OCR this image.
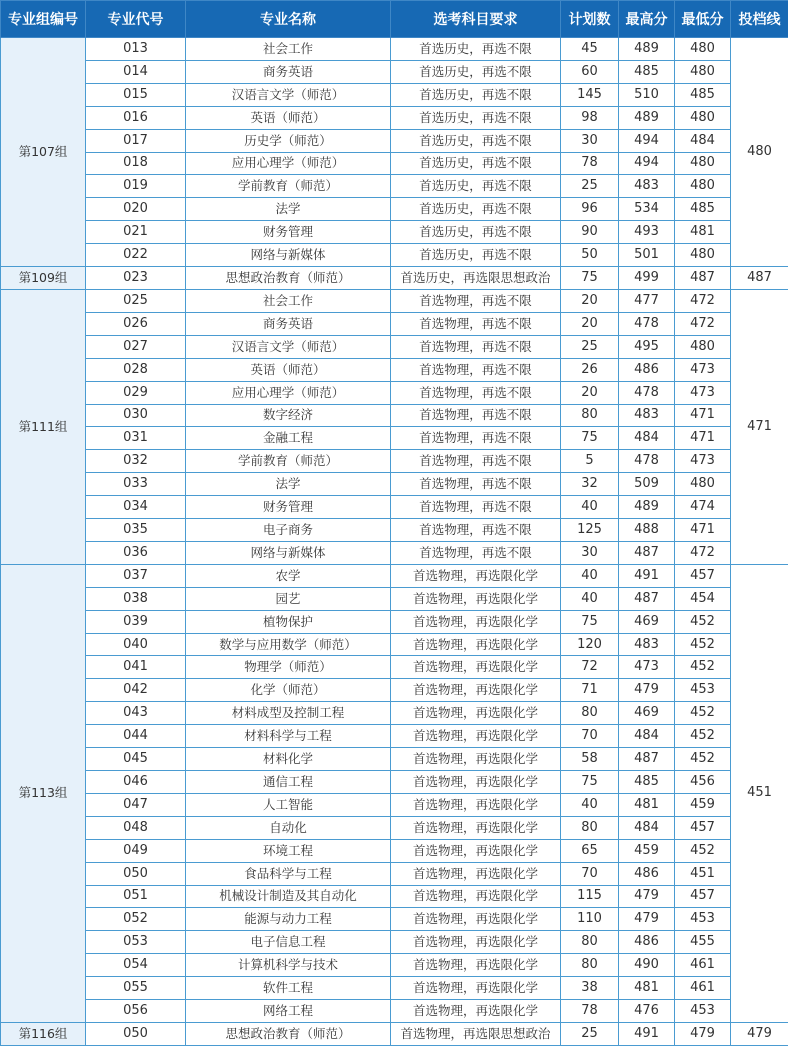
专业组编号	专业代号	专业名称	选考科目要求	计划数	最高分	最低分	投档线
第107组	013	社会工作	首选历史，再选不限	45	489	480	480
	014	商务英语	首选历史，再选不限	60	485	480	
	015	汉语言文学（师范）	首选历史，再选不限	145	510	485	
	016	英语（师范）	首选历史，再选不限	98	489	480	
	017	历史学（师范）	首选历史，再选不限	30	494	484	
	018	应用心理学（师范）	首选历史，再选不限	78	494	480	
	019	学前教育（师范）	首选历史，再选不限	25	483	480	
	020	法学	首选历史，再选不限	96	534	485	
	021	财务管理	首选历史，再选不限	90	493	481	
	022	网络与新媒体	首选历史，再选不限	50	501	480	
第109组	023	思想政治教育（师范）	首选历史，再选限思想政治	75	499	487	487
第111组	025	社会工作	首选物理，再选不限	20	477	472	471
	026	商务英语	首选物理，再选不限	20	478	472	
	027	汉语言文学（师范）	首选物理，再选不限	25	495	480	
	028	英语（师范）	首选物理，再选不限	26	486	473	
	029	应用心理学（师范）	首选物理，再选不限	20	478	473	
	030	数字经济	首选物理，再选不限	80	483	471	
	031	金融工程	首选物理，再选不限	75	484	471	
	032	学前教育（师范）	首选物理，再选不限	5	478	473	
	033	法学	首选物理，再选不限	32	509	480	
	034	财务管理	首选物理，再选不限	40	489	474	
	035	电子商务	首选物理，再选不限	125	488	471	
	036	网络与新媒体	首选物理，再选不限	30	487	472	
第113组	037	农学	首选物理，再选限化学	40	491	457	451
	038	园艺	首选物理，再选限化学	40	487	454	
	039	植物保护	首选物理，再选限化学	75	469	452	
	040	数学与应用数学（师范）	首选物理，再选限化学	120	483	452	
	041	物理学（师范）	首选物理，再选限化学	72	473	452	
	042	化学（师范）	首选物理，再选限化学	71	479	453	
	043	材料成型及控制工程	首选物理，再选限化学	80	469	452	
	044	材料科学与工程	首选物理，再选限化学	70	484	452	
	045	材料化学	首选物理，再选限化学	58	487	452	
	046	通信工程	首选物理，再选限化学	75	485	456	
	047	人工智能	首选物理，再选限化学	40	481	459	
	048	自动化	首选物理，再选限化学	80	484	457	
	049	环境工程	首选物理，再选限化学	65	459	452	
	050	食品科学与工程	首选物理，再选限化学	70	486	451	
	051	机械设计制造及其自动化	首选物理，再选限化学	115	479	457	
	052	能源与动力工程	首选物理，再选限化学	110	479	453	
	053	电子信息工程	首选物理，再选限化学	80	486	455	
	054	计算机科学与技术	首选物理，再选限化学	80	490	461	
	055	软件工程	首选物理，再选限化学	38	481	461	
	056	网络工程	首选物理，再选限化学	78	476	453	
第116组	050	思想政治教育（师范）	首选物理，再选限思想政治	25	491	479	479
